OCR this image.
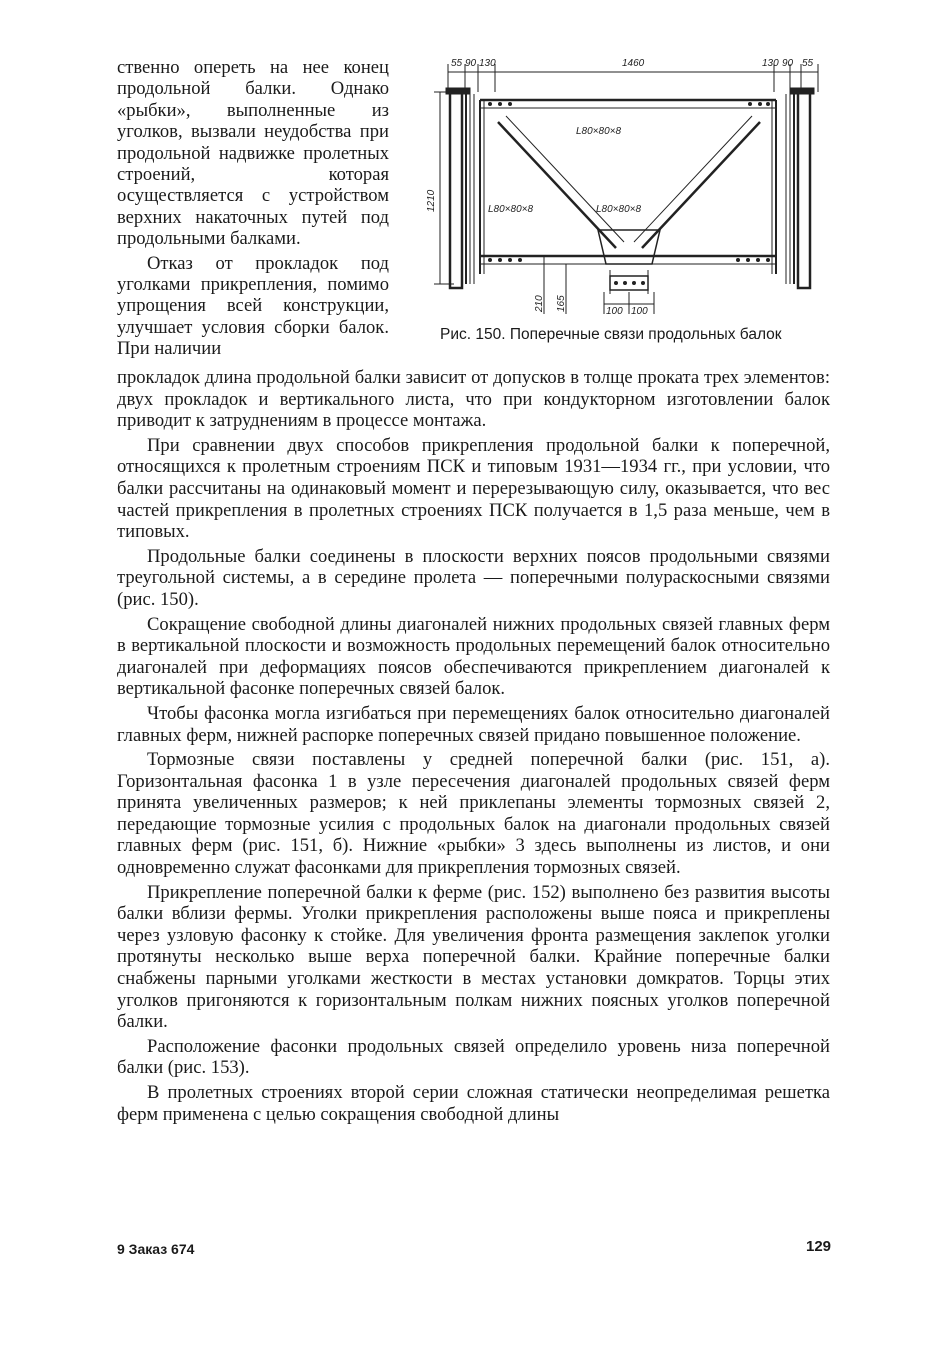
ственно опереть на нее конец продольной балки. Однако «рыбки», выполненные из уголков, вызвали неудобства при продольной надвижке пролетных строений, которая осуществляется с устройством верхних накаточных путей под продольными балками.

Отказ от прокладок под уголками прикрепления, помимо упрощения всей конструкции, улучшает условия сборки балок. При наличии

55 90 130	1460	130 90 55
1210
210 165	100 100
L80×80×8
L80×80×8	L80×80×8
Рис. 150. Поперечные связи продольных балок

прокладок длина продольной балки зависит от допусков в толще проката трех элементов: двух прокладок и вертикального листа, что при кондукторном изготовлении балок приводит к затруднениям в процессе монтажа.

При сравнении двух способов прикрепления продольной балки к поперечной, относящихся к пролетным строениям ПСК и типовым 1931—1934 гг., при условии, что балки рассчитаны на одинаковый момент и перерезывающую силу, оказывается, что вес частей прикрепления в пролетных строениях ПСК получается в 1,5 раза меньше, чем в типовых.

Продольные балки соединены в плоскости верхних поясов продольными связями треугольной системы, а в середине пролета — поперечными полураскосными связями (рис. 150).

Сокращение свободной длины диагоналей нижних продольных связей главных ферм в вертикальной плоскости и возможность продольных перемещений балок относительно диагоналей при деформациях поясов обеспечиваются прикреплением диагоналей к вертикальной фасонке поперечных связей балок.

Чтобы фасонка могла изгибаться при перемещениях балок относительно диагоналей главных ферм, нижней распорке поперечных связей придано повышенное положение.

Тормозные связи поставлены у средней поперечной балки (рис. 151, а). Горизонтальная фасонка 1 в узле пересечения диагоналей продольных связей ферм принята увеличенных размеров; к ней приклепаны элементы тормозных связей 2, передающие тормозные усилия с продольных балок на диагонали продольных связей главных ферм (рис. 151, б). Нижние «рыбки» 3 здесь выполнены из листов, и они одновременно служат фасонками для прикрепления тормозных связей.

Прикрепление поперечной балки к ферме (рис. 152) выполнено без развития высоты балки вблизи фермы. Уголки прикрепления расположены выше пояса и прикреплены через узловую фасонку к стойке. Для увеличения фронта размещения заклепок уголки протянуты несколько выше верха поперечной балки. Крайние поперечные балки снабжены парными уголками жесткости в местах установки домкратов. Торцы этих уголков пригоняются к горизонтальным полкам нижних поясных уголков поперечной балки.

Расположение фасонки продольных связей определило уровень низа поперечной балки (рис. 153).

В пролетных строениях второй серии сложная статически неопределимая решетка ферм применена с целью сокращения свободной длины

9 Заказ 674	129
